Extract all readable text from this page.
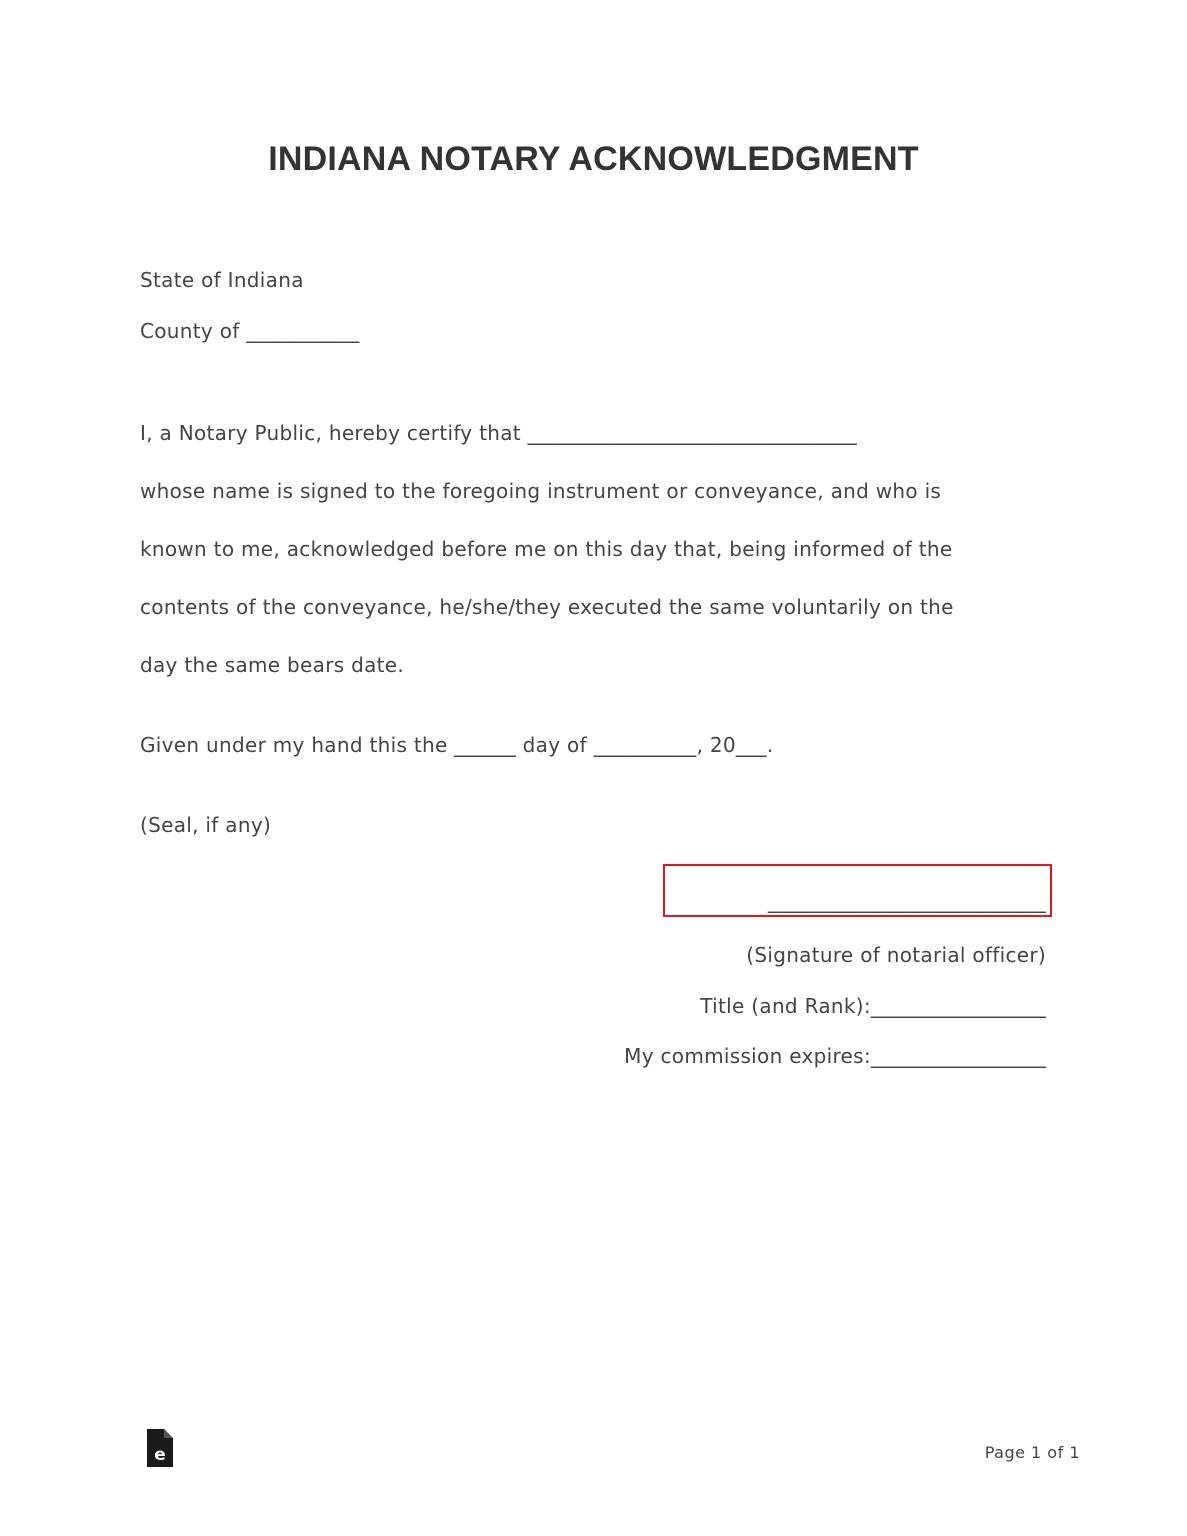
INDIANA NOTARY ACKNOWLEDGMENT
State of Indiana
County of ___________
I, a Notary Public, hereby certify that ________________________________
whose name is signed to the foregoing instrument or conveyance, and who is
known to me, acknowledged before me on this day that, being informed of the
contents of the conveyance, he/she/they executed the same voluntarily on the
day the same bears date.
Given under my hand this the ______ day of __________, 20___.
(Seal, if any)
___________________________
(Signature of notarial officer)
Title (and Rank):_________________
My commission expires:_________________
e	Page 1 of 1
